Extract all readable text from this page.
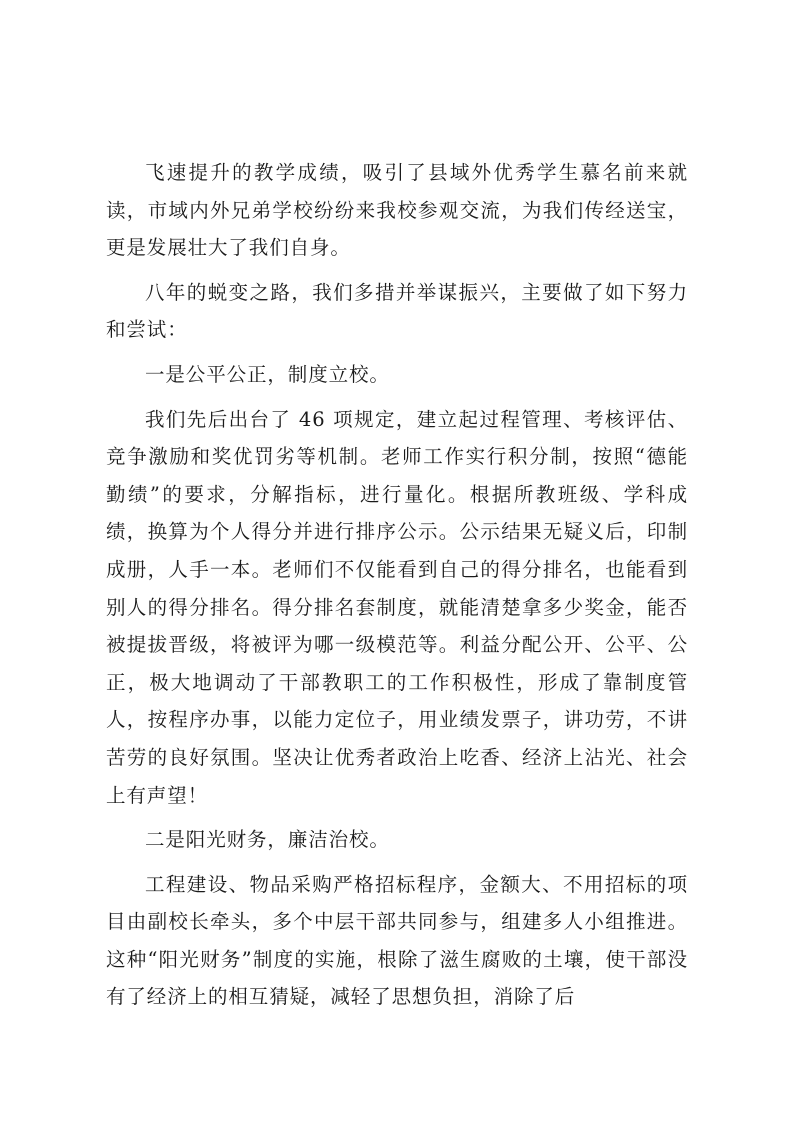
飞速提升的教学成绩，吸引了县域外优秀学生慕名前来就读，市域内外兄弟学校纷纷来我校参观交流，为我们传经送宝，更是发展壮大了我们自身。

八年的蜕变之路，我们多措并举谋振兴，主要做了如下努力和尝试：

一是公平公正，制度立校。

我们先后出台了 46 项规定，建立起过程管理、考核评估、竞争激励和奖优罚劣等机制。老师工作实行积分制，按照“德能勤绩”的要求，分解指标，进行量化。根据所教班级、学科成绩，换算为个人得分并进行排序公示。公示结果无疑义后，印制成册，人手一本。老师们不仅能看到自己的得分排名，也能看到别人的得分排名。得分排名套制度，就能清楚拿多少奖金，能否被提拔晋级，将被评为哪一级模范等。利益分配公开、公平、公正，极大地调动了干部教职工的工作积极性，形成了靠制度管人，按程序办事，以能力定位子，用业绩发票子，讲功劳，不讲苦劳的良好氛围。坚决让优秀者政治上吃香、经济上沾光、社会上有声望！

二是阳光财务，廉洁治校。

工程建设、物品采购严格招标程序，金额大、不用招标的项目由副校长牵头，多个中层干部共同参与，组建多人小组推进。这种“阳光财务”制度的实施，根除了滋生腐败的土壤，使干部没有了经济上的相互猜疑，减轻了思想负担，消除了后
